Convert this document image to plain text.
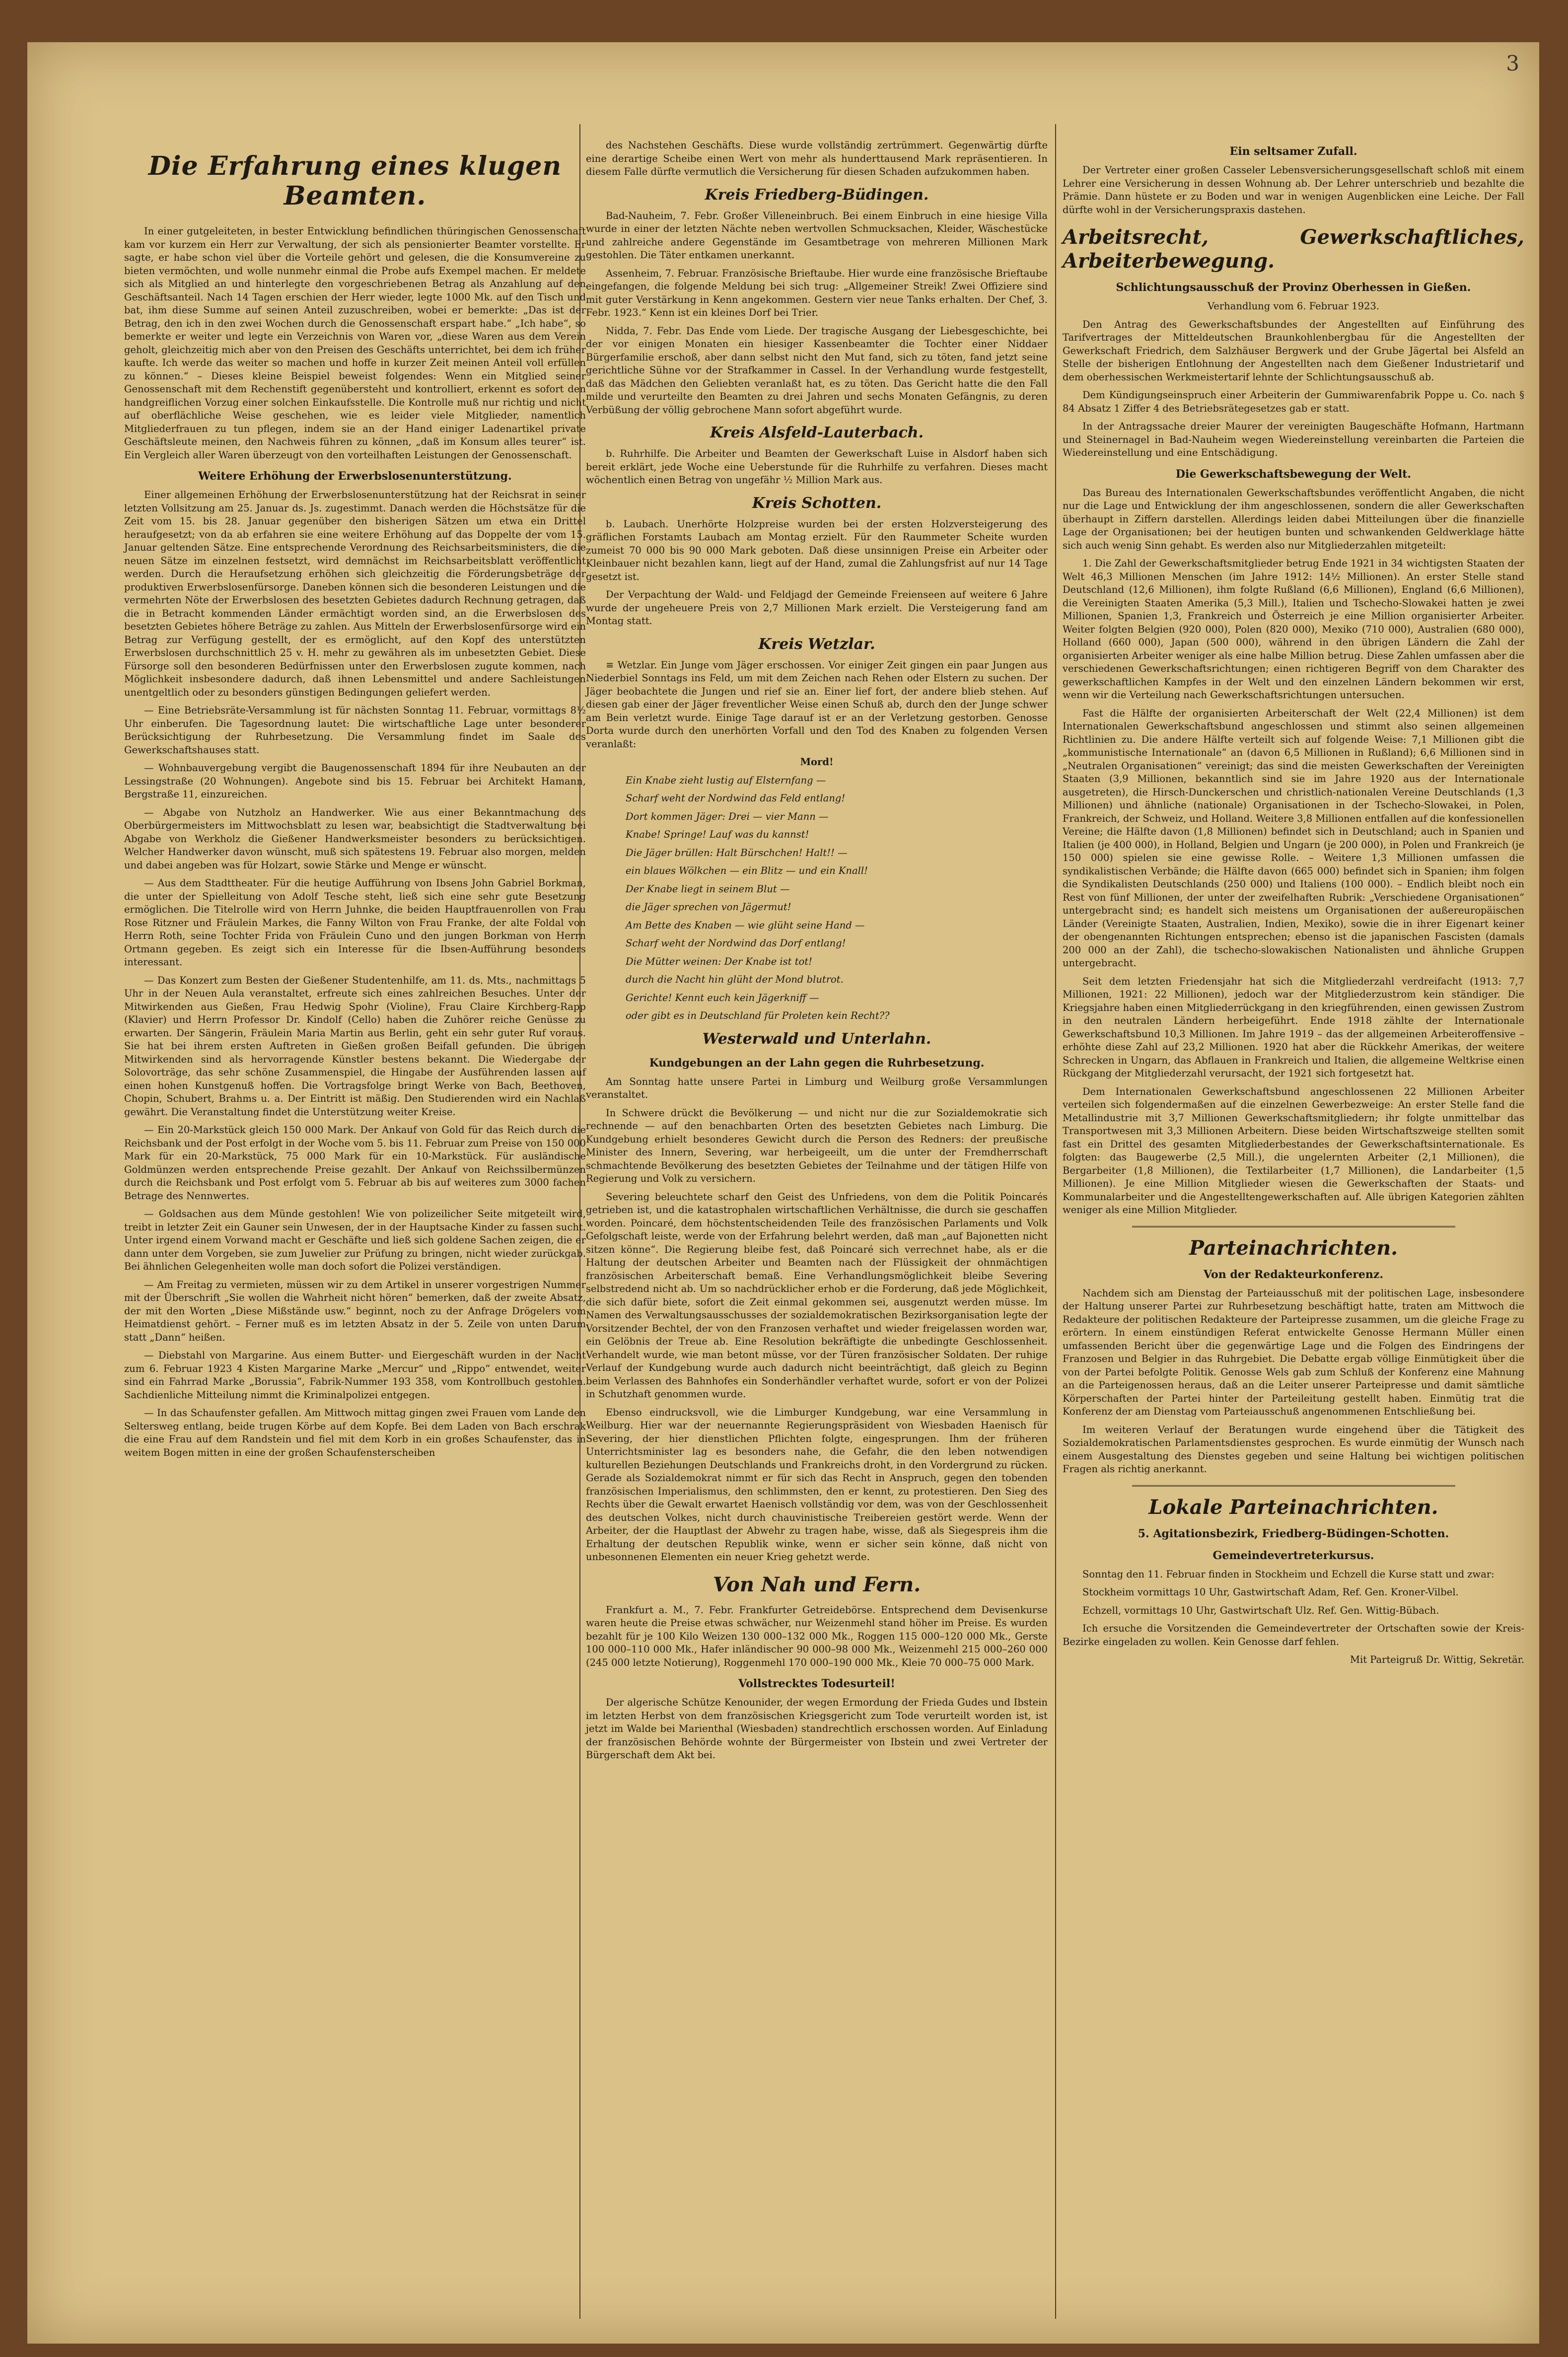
3
Die Erfahrung eines klugen Beamten.

In einer gutgeleiteten, in bester Entwicklung befindlichen thüringischen Genossenschaft kam vor kurzem ein Herr zur Verwaltung, der sich als pensionierter Beamter vorstellte. Er sagte, er habe schon viel über die Vorteile gehört und gelesen, die die Konsumvereine zu bieten vermöchten, und wolle nunmehr einmal die Probe aufs Exempel machen. Er meldete sich als Mitglied an und hinterlegte den vorgeschriebenen Betrag als Anzahlung auf den Geschäftsanteil. Nach 14 Tagen erschien der Herr wieder, legte 1000 Mk. auf den Tisch und bat, ihm diese Summe auf seinen Anteil zuzuschreiben, wobei er bemerkte: „Das ist der Betrag, den ich in den zwei Wochen durch die Genossenschaft erspart habe.“ „Ich habe“, so bemerkte er weiter und legte ein Verzeichnis von Waren vor, „diese Waren aus dem Verein geholt, gleichzeitig mich aber von den Preisen des Geschäfts unterrichtet, bei dem ich früher kaufte. Ich werde das weiter so machen und hoffe in kurzer Zeit meinen Anteil voll erfüllen zu können.“ – Dieses kleine Beispiel beweist folgendes: Wenn ein Mitglied seiner Genossenschaft mit dem Rechenstift gegenübersteht und kontrolliert, erkennt es sofort den handgreiflichen Vorzug einer solchen Einkaufsstelle. Die Kontrolle muß nur richtig und nicht auf oberflächliche Weise geschehen, wie es leider viele Mitglieder, namentlich Mitgliederfrauen zu tun pflegen, indem sie an der Hand einiger Ladenartikel private Geschäftsleute meinen, den Nachweis führen zu können, „daß im Konsum alles teurer“ ist. Ein Vergleich aller Waren überzeugt von den vorteilhaften Leistungen der Genossenschaft.

Weitere Erhöhung der Erwerbslosenunterstützung.

Einer allgemeinen Erhöhung der Erwerbslosenunterstützung hat der Reichsrat in seiner letzten Vollsitzung am 25. Januar ds. Js. zugestimmt. Danach werden die Höchstsätze für die Zeit vom 15. bis 28. Januar gegenüber den bisherigen Sätzen um etwa ein Drittel heraufgesetzt; von da ab erfahren sie eine weitere Erhöhung auf das Doppelte der vom 15. Januar geltenden Sätze. Eine entsprechende Verordnung des Reichsarbeitsministers, die die neuen Sätze im einzelnen festsetzt, wird demnächst im Reichsarbeitsblatt veröffentlicht werden. Durch die Heraufsetzung erhöhen sich gleichzeitig die Förderungsbeträge der produktiven Erwerbslosenfürsorge. Daneben können sich die besonderen Leistungen und die vermehrten Nöte der Erwerbslosen des besetzten Gebietes dadurch Rechnung getragen, daß die in Betracht kommenden Länder ermächtigt worden sind, an die Erwerbslosen des besetzten Gebietes höhere Beträge zu zahlen. Aus Mitteln der Erwerbslosenfürsorge wird ein Betrag zur Verfügung gestellt, der es ermöglicht, auf den Kopf des unterstützten Erwerbslosen durchschnittlich 25 v. H. mehr zu gewähren als im unbesetzten Gebiet. Diese Fürsorge soll den besonderen Bedürfnissen unter den Erwerbslosen zugute kommen, nach Möglichkeit insbesondere dadurch, daß ihnen Lebensmittel und andere Sachleistungen unentgeltlich oder zu besonders günstigen Bedingungen geliefert werden.

— Eine Betriebsräte-Versammlung ist für nächsten Sonntag 11. Februar, vormittags 8½ Uhr einberufen. Die Tagesordnung lautet: Die wirtschaftliche Lage unter besonderer Berücksichtigung der Ruhrbesetzung. Die Versammlung findet im Saale des Gewerkschaftshauses statt.

— Wohnbauvergebung vergibt die Baugenossenschaft 1894 für ihre Neubauten an der Lessingstraße (20 Wohnungen). Angebote sind bis 15. Februar bei Architekt Hamann, Bergstraße 11, einzureichen.

— Abgabe von Nutzholz an Handwerker. Wie aus einer Bekanntmachung des Oberbürgermeisters im Mittwochsblatt zu lesen war, beabsichtigt die Stadtverwaltung bei Abgabe von Werkholz die Gießener Handwerksmeister besonders zu berücksichtigen. Welcher Handwerker davon wünscht, muß sich spätestens 19. Februar also morgen, melden und dabei angeben was für Holzart, sowie Stärke und Menge er wünscht.

— Aus dem Stadttheater. Für die heutige Aufführung von Ibsens John Gabriel Borkman, die unter der Spielleitung von Adolf Tesche steht, ließ sich eine sehr gute Besetzung ermöglichen. Die Titelrolle wird von Herrn Juhnke, die beiden Hauptfrauenrollen von Frau Rose Ritzner und Fräulein Markes, die Fanny Wilton von Frau Franke, der alte Foldal von Herrn Roth, seine Tochter Frida von Fräulein Cuno und den jungen Borkman von Herrn Ortmann gegeben. Es zeigt sich ein Interesse für die Ibsen-Aufführung besonders interessant.

— Das Konzert zum Besten der Gießener Studentenhilfe, am 11. ds. Mts., nachmittags 5 Uhr in der Neuen Aula veranstaltet, erfreute sich eines zahlreichen Besuches. Unter der Mitwirkenden aus Gießen, Frau Hedwig Spohr (Violine), Frau Claire Kirchberg-Rapp (Klavier) und Herrn Professor Dr. Kindolf (Cello) haben die Zuhörer reiche Genüsse zu erwarten. Der Sängerin, Fräulein Maria Martin aus Berlin, geht ein sehr guter Ruf voraus. Sie hat bei ihrem ersten Auftreten in Gießen großen Beifall gefunden. Die übrigen Mitwirkenden sind als hervorragende Künstler bestens bekannt. Die Wiedergabe der Solovorträge, das sehr schöne Zusammenspiel, die Hingabe der Ausführenden lassen auf einen hohen Kunstgenuß hoffen. Die Vortragsfolge bringt Werke von Bach, Beethoven, Chopin, Schubert, Brahms u. a. Der Eintritt ist mäßig. Den Studierenden wird ein Nachlaß gewährt. Die Veranstaltung findet die Unterstützung weiter Kreise.

— Ein 20-Markstück gleich 150 000 Mark. Der Ankauf von Gold für das Reich durch die Reichsbank und der Post erfolgt in der Woche vom 5. bis 11. Februar zum Preise von 150 000 Mark für ein 20-Markstück, 75 000 Mark für ein 10-Markstück. Für ausländische Goldmünzen werden entsprechende Preise gezahlt. Der Ankauf von Reichssilbermünzen durch die Reichsbank und Post erfolgt vom 5. Februar ab bis auf weiteres zum 3000 fachen Betrage des Nennwertes.

— Goldsachen aus dem Münde gestohlen! Wie von polizeilicher Seite mitgeteilt wird, treibt in letzter Zeit ein Gauner sein Unwesen, der in der Hauptsache Kinder zu fassen sucht. Unter irgend einem Vorwand macht er Geschäfte und ließ sich goldene Sachen zeigen, die er dann unter dem Vorgeben, sie zum Juwelier zur Prüfung zu bringen, nicht wieder zurückgab. Bei ähnlichen Gelegenheiten wolle man doch sofort die Polizei verständigen.

— Am Freitag zu vermieten, müssen wir zu dem Artikel in unserer vorgestrigen Nummer mit der Überschrift „Sie wollen die Wahrheit nicht hören“ bemerken, daß der zweite Absatz, der mit den Worten „Diese Mißstände usw.“ beginnt, noch zu der Anfrage Drögelers vom Heimatdienst gehört. – Ferner muß es im letzten Absatz in der 5. Zeile von unten Darum statt „Dann“ heißen.

— Diebstahl von Margarine. Aus einem Butter- und Eiergeschäft wurden in der Nacht zum 6. Februar 1923 4 Kisten Margarine Marke „Mercur“ und „Rippo“ entwendet, weiter sind ein Fahrrad Marke „Borussia“, Fabrik-Nummer 193 358, vom Kontrollbuch gestohlen. Sachdienliche Mitteilung nimmt die Kriminalpolizei entgegen.

— In das Schaufenster gefallen. Am Mittwoch mittag gingen zwei Frauen vom Lande den Seltersweg entlang, beide trugen Körbe auf dem Kopfe. Bei dem Laden von Bach erschrak die eine Frau auf dem Randstein und fiel mit dem Korb in ein großes Schaufenster, das in weitem Bogen mitten in eine der großen Schaufensterscheiben

des Nachstehen Geschäfts. Diese wurde vollständig zertrümmert. Gegenwärtig dürfte eine derartige Scheibe einen Wert von mehr als hunderttausend Mark repräsentieren. In diesem Falle dürfte vermutlich die Versicherung für diesen Schaden aufzukommen haben.

Kreis Friedberg-Büdingen.

Bad-Nauheim, 7. Febr. Großer Villeneinbruch. Bei einem Einbruch in eine hiesige Villa wurde in einer der letzten Nächte neben wertvollen Schmucksachen, Kleider, Wäschestücke und zahlreiche andere Gegenstände im Gesamtbetrage von mehreren Millionen Mark gestohlen. Die Täter entkamen unerkannt.

Assenheim, 7. Februar. Französische Brieftaube. Hier wurde eine französische Brieftaube eingefangen, die folgende Meldung bei sich trug: „Allgemeiner Streik! Zwei Offiziere sind mit guter Verstärkung in Kenn angekommen. Gestern vier neue Tanks erhalten. Der Chef, 3. Febr. 1923.“ Kenn ist ein kleines Dorf bei Trier.

Nidda, 7. Febr. Das Ende vom Liede. Der tragische Ausgang der Liebesgeschichte, bei der vor einigen Monaten ein hiesiger Kassenbeamter die Tochter einer Niddaer Bürgerfamilie erschoß, aber dann selbst nicht den Mut fand, sich zu töten, fand jetzt seine gerichtliche Sühne vor der Strafkammer in Cassel. In der Verhandlung wurde festgestellt, daß das Mädchen den Geliebten veranlaßt hat, es zu töten. Das Gericht hatte die den Fall milde und verurteilte den Beamten zu drei Jahren und sechs Monaten Gefängnis, zu deren Verbüßung der völlig gebrochene Mann sofort abgeführt wurde.

Kreis Alsfeld-Lauterbach.

b. Ruhrhilfe. Die Arbeiter und Beamten der Gewerkschaft Luise in Alsdorf haben sich bereit erklärt, jede Woche eine Ueberstunde für die Ruhrhilfe zu verfahren. Dieses macht wöchentlich einen Betrag von ungefähr ½ Million Mark aus.

Kreis Schotten.

b. Laubach. Unerhörte Holzpreise wurden bei der ersten Holzversteigerung des gräflichen Forstamts Laubach am Montag erzielt. Für den Raummeter Scheite wurden zumeist 70 000 bis 90 000 Mark geboten. Daß diese unsinnigen Preise ein Arbeiter oder Kleinbauer nicht bezahlen kann, liegt auf der Hand, zumal die Zahlungsfrist auf nur 14 Tage gesetzt ist.

Der Verpachtung der Wald- und Feldjagd der Gemeinde Freienseen auf weitere 6 Jahre wurde der ungeheuere Preis von 2,7 Millionen Mark erzielt. Die Versteigerung fand am Montag statt.

Kreis Wetzlar.

≡ Wetzlar. Ein Junge vom Jäger erschossen. Vor einiger Zeit gingen ein paar Jungen aus Niederbiel Sonntags ins Feld, um mit dem Zeichen nach Rehen oder Elstern zu suchen. Der Jäger beobachtete die Jungen und rief sie an. Einer lief fort, der andere blieb stehen. Auf diesen gab einer der Jäger freventlicher Weise einen Schuß ab, durch den der Junge schwer am Bein verletzt wurde. Einige Tage darauf ist er an der Verletzung gestorben. Genosse Dorta wurde durch den unerhörten Vorfall und den Tod des Knaben zu folgenden Versen veranlaßt:

Mord!

Ein Knabe zieht lustig auf Elsternfang —

Scharf weht der Nordwind das Feld entlang!

Dort kommen Jäger: Drei — vier Mann —

Knabe! Springe! Lauf was du kannst!

Die Jäger brüllen: Halt Bürschchen! Halt!! —

ein blaues Wölkchen — ein Blitz — und ein Knall!

Der Knabe liegt in seinem Blut —

die Jäger sprechen von Jägermut!

Am Bette des Knaben — wie glüht seine Hand —

Scharf weht der Nordwind das Dorf entlang!

Die Mütter weinen: Der Knabe ist tot!

durch die Nacht hin glüht der Mond blutrot.

Gerichte! Kennt euch kein Jägerkniff —

oder gibt es in Deutschland für Proleten kein Recht??

Westerwald und Unterlahn.
Kundgebungen an der Lahn gegen die Ruhrbesetzung.

Am Sonntag hatte unsere Partei in Limburg und Weilburg große Versammlungen veranstaltet.

In Schwere drückt die Bevölkerung — und nicht nur die zur Sozialdemokratie sich rechnende — auf den benachbarten Orten des besetzten Gebietes nach Limburg. Die Kundgebung erhielt besonderes Gewicht durch die Person des Redners: der preußische Minister des Innern, Severing, war herbeigeeilt, um die unter der Fremdherrschaft schmachtende Bevölkerung des besetzten Gebietes der Teilnahme und der tätigen Hilfe von Regierung und Volk zu versichern.

Severing beleuchtete scharf den Geist des Unfriedens, von dem die Politik Poincarés getrieben ist, und die katastrophalen wirtschaftlichen Verhältnisse, die durch sie geschaffen worden. Poincaré, dem höchstentscheidenden Teile des französischen Parlaments und Volk Gefolgschaft leiste, werde von der Erfahrung belehrt werden, daß man „auf Bajonetten nicht sitzen könne“. Die Regierung bleibe fest, daß Poincaré sich verrechnet habe, als er die Haltung der deutschen Arbeiter und Beamten nach der Flüssigkeit der ohnmächtigen französischen Arbeiterschaft bemaß. Eine Verhandlungsmöglichkeit bleibe Severing selbstredend nicht ab. Um so nachdrücklicher erhob er die Forderung, daß jede Möglichkeit, die sich dafür biete, sofort die Zeit einmal gekommen sei, ausgenutzt werden müsse. Im Namen des Verwaltungsausschusses der sozialdemokratischen Bezirksorganisation legte der Vorsitzender Bechtel, der von den Franzosen verhaftet und wieder freigelassen worden war, ein Gelöbnis der Treue ab. Eine Resolution bekräftigte die unbedingte Geschlossenheit. Verhandelt wurde, wie man betont müsse, vor der Türen französischer Soldaten. Der ruhige Verlauf der Kundgebung wurde auch dadurch nicht beeinträchtigt, daß gleich zu Beginn beim Verlassen des Bahnhofes ein Sonderhändler verhaftet wurde, sofort er von der Polizei in Schutzhaft genommen wurde.

Ebenso eindrucksvoll, wie die Limburger Kundgebung, war eine Versammlung in Weilburg. Hier war der neuernannte Regierungspräsident von Wiesbaden Haenisch für Severing, der hier dienstlichen Pflichten folgte, eingesprungen. Ihm der früheren Unterrichtsminister lag es besonders nahe, die Gefahr, die den leben notwendigen kulturellen Beziehungen Deutschlands und Frankreichs droht, in den Vordergrund zu rücken. Gerade als Sozialdemokrat nimmt er für sich das Recht in Anspruch, gegen den tobenden französischen Imperialismus, den schlimmsten, den er kennt, zu protestieren. Den Sieg des Rechts über die Gewalt erwartet Haenisch vollständig vor dem, was von der Geschlossenheit des deutschen Volkes, nicht durch chauvinistische Treibereien gestört werde. Wenn der Arbeiter, der die Hauptlast der Abwehr zu tragen habe, wisse, daß als Siegespreis ihm die Erhaltung der deutschen Republik winke, wenn er sicher sein könne, daß nicht von unbesonnenen Elementen ein neuer Krieg gehetzt werde.

Von Nah und Fern.

Frankfurt a. M., 7. Febr. Frankfurter Getreidebörse. Entsprechend dem Devisenkurse waren heute die Preise etwas schwächer, nur Weizenmehl stand höher im Preise. Es wurden bezahlt für je 100 Kilo Weizen 130 000–132 000 Mk., Roggen 115 000–120 000 Mk., Gerste 100 000–110 000 Mk., Hafer inländischer 90 000–98 000 Mk., Weizenmehl 215 000–260 000 (245 000 letzte Notierung), Roggenmehl 170 000–190 000 Mk., Kleie 70 000–75 000 Mark.

Vollstrecktes Todesurteil!

Der algerische Schütze Kenounider, der wegen Ermordung der Frieda Gudes und Ibstein im letzten Herbst von dem französischen Kriegsgericht zum Tode verurteilt worden ist, ist jetzt im Walde bei Marienthal (Wiesbaden) standrechtlich erschossen worden. Auf Einladung der französischen Behörde wohnte der Bürgermeister von Ibstein und zwei Vertreter der Bürgerschaft dem Akt bei.

Ein seltsamer Zufall.

Der Vertreter einer großen Casseler Lebensversicherungsgesellschaft schloß mit einem Lehrer eine Versicherung in dessen Wohnung ab. Der Lehrer unterschrieb und bezahlte die Prämie. Dann hüstete er zu Boden und war in wenigen Augenblicken eine Leiche. Der Fall dürfte wohl in der Versicherungspraxis dastehen.

Arbeitsrecht, Gewerkschaftliches, Arbeiterbewegung.
Schlichtungsausschuß der Provinz Oberhessen in Gießen.

Verhandlung vom 6. Februar 1923.

Den Antrag des Gewerkschaftsbundes der Angestellten auf Einführung des Tarifvertrages der Mitteldeutschen Braunkohlenbergbau für die Angestellten der Gewerkschaft Friedrich, dem Salzhäuser Bergwerk und der Grube Jägertal bei Alsfeld an Stelle der bisherigen Entlohnung der Angestellten nach dem Gießener Industrietarif und dem oberhessischen Werkmeistertarif lehnte der Schlichtungsausschuß ab.

Dem Kündigungseinspruch einer Arbeiterin der Gummiwarenfabrik Poppe u. Co. nach § 84 Absatz 1 Ziffer 4 des Betriebsrätegesetzes gab er statt.

In der Antragssache dreier Maurer der vereinigten Baugeschäfte Hofmann, Hartmann und Steinernagel in Bad-Nauheim wegen Wiedereinstellung vereinbarten die Parteien die Wiedereinstellung und eine Entschädigung.

Die Gewerkschaftsbewegung der Welt.

Das Bureau des Internationalen Gewerkschaftsbundes veröffentlicht Angaben, die nicht nur die Lage und Entwicklung der ihm angeschlossenen, sondern die aller Gewerkschaften überhaupt in Ziffern darstellen. Allerdings leiden dabei Mitteilungen über die finanzielle Lage der Organisationen; bei der heutigen bunten und schwankenden Geldwerklage hätte sich auch wenig Sinn gehabt. Es werden also nur Mitgliederzahlen mitgeteilt:

1. Die Zahl der Gewerkschaftsmitglieder betrug Ende 1921 in 34 wichtigsten Staaten der Welt 46,3 Millionen Menschen (im Jahre 1912: 14½ Millionen). An erster Stelle stand Deutschland (12,6 Millionen), ihm folgte Rußland (6,6 Millionen), England (6,6 Millionen), die Vereinigten Staaten Amerika (5,3 Mill.), Italien und Tschecho-Slowakei hatten je zwei Millionen, Spanien 1,3, Frankreich und Österreich je eine Million organisierter Arbeiter. Weiter folgten Belgien (920 000), Polen (820 000), Mexiko (710 000), Australien (680 000), Holland (660 000), Japan (500 000), während in den übrigen Ländern die Zahl der organisierten Arbeiter weniger als eine halbe Million betrug. Diese Zahlen umfassen aber die verschiedenen Gewerkschaftsrichtungen; einen richtigeren Begriff von dem Charakter des gewerkschaftlichen Kampfes in der Welt und den einzelnen Ländern bekommen wir erst, wenn wir die Verteilung nach Gewerkschaftsrichtungen untersuchen.

Fast die Hälfte der organisierten Arbeiterschaft der Welt (22,4 Millionen) ist dem Internationalen Gewerkschaftsbund angeschlossen und stimmt also seinen allgemeinen Richtlinien zu. Die andere Hälfte verteilt sich auf folgende Weise: 7,1 Millionen gibt die „kommunistische Internationale“ an (davon 6,5 Millionen in Rußland); 6,6 Millionen sind in „Neutralen Organisationen“ vereinigt; das sind die meisten Gewerkschaften der Vereinigten Staaten (3,9 Millionen, bekanntlich sind sie im Jahre 1920 aus der Internationale ausgetreten), die Hirsch-Dunckerschen und christlich-nationalen Vereine Deutschlands (1,3 Millionen) und ähnliche (nationale) Organisationen in der Tschecho-Slowakei, in Polen, Frankreich, der Schweiz, und Holland. Weitere 3,8 Millionen entfallen auf die konfessionellen Vereine; die Hälfte davon (1,8 Millionen) befindet sich in Deutschland; auch in Spanien und Italien (je 400 000), in Holland, Belgien und Ungarn (je 200 000), in Polen und Frankreich (je 150 000) spielen sie eine gewisse Rolle. – Weitere 1,3 Millionen umfassen die syndikalistischen Verbände; die Hälfte davon (665 000) befindet sich in Spanien; ihm folgen die Syndikalisten Deutschlands (250 000) und Italiens (100 000). – Endlich bleibt noch ein Rest von fünf Millionen, der unter der zweifelhaften Rubrik: „Verschiedene Organisationen“ untergebracht sind; es handelt sich meistens um Organisationen der außereuropäischen Länder (Vereinigte Staaten, Australien, Indien, Mexiko), sowie die in ihrer Eigenart keiner der obengenannten Richtungen entsprechen; ebenso ist die japanischen Fascisten (damals 200 000 an der Zahl), die tschecho-slowakischen Nationalisten und ähnliche Gruppen untergebracht.

Seit dem letzten Friedensjahr hat sich die Mitgliederzahl verdreifacht (1913: 7,7 Millionen, 1921: 22 Millionen), jedoch war der Mitgliederzustrom kein ständiger. Die Kriegsjahre haben einen Mitgliederrückgang in den kriegführenden, einen gewissen Zustrom in den neutralen Ländern herbeigeführt. Ende 1918 zählte der Internationale Gewerkschaftsbund 10,3 Millionen. Im Jahre 1919 – das der allgemeinen Arbeiteroffensive – erhöhte diese Zahl auf 23,2 Millionen. 1920 hat aber die Rückkehr Amerikas, der weitere Schrecken in Ungarn, das Abflauen in Frankreich und Italien, die allgemeine Weltkrise einen Rückgang der Mitgliederzahl verursacht, der 1921 sich fortgesetzt hat.

Dem Internationalen Gewerkschaftsbund angeschlossenen 22 Millionen Arbeiter verteilen sich folgendermaßen auf die einzelnen Gewerbezweige: An erster Stelle fand die Metallindustrie mit 3,7 Millionen Gewerkschaftsmitgliedern; ihr folgte unmittelbar das Transportwesen mit 3,3 Millionen Arbeitern. Diese beiden Wirtschaftszweige stellten somit fast ein Drittel des gesamten Mitgliederbestandes der Gewerkschaftsinternationale. Es folgten: das Baugewerbe (2,5 Mill.), die ungelernten Arbeiter (2,1 Millionen), die Bergarbeiter (1,8 Millionen), die Textilarbeiter (1,7 Millionen), die Landarbeiter (1,5 Millionen). Je eine Million Mitglieder wiesen die Gewerkschaften der Staats- und Kommunalarbeiter und die Angestelltengewerkschaften auf. Alle übrigen Kategorien zählten weniger als eine Million Mitglieder.

Parteinachrichten.
Von der Redakteurkonferenz.

Nachdem sich am Dienstag der Parteiausschuß mit der politischen Lage, insbesondere der Haltung unserer Partei zur Ruhrbesetzung beschäftigt hatte, traten am Mittwoch die Redakteure der politischen Redakteure der Parteipresse zusammen, um die gleiche Frage zu erörtern. In einem einstündigen Referat entwickelte Genosse Hermann Müller einen umfassenden Bericht über die gegenwärtige Lage und die Folgen des Eindringens der Franzosen und Belgier in das Ruhrgebiet. Die Debatte ergab völlige Einmütigkeit über die von der Partei befolgte Politik. Genosse Wels gab zum Schluß der Konferenz eine Mahnung an die Parteigenossen heraus, daß an die Leiter unserer Parteipresse und damit sämtliche Körperschaften der Partei hinter der Parteileitung gestellt haben. Einmütig trat die Konferenz der am Dienstag vom Parteiausschuß angenommenen Entschließung bei.

Im weiteren Verlauf der Beratungen wurde eingehend über die Tätigkeit des Sozialdemokratischen Parlamentsdienstes gesprochen. Es wurde einmütig der Wunsch nach einem Ausgestaltung des Dienstes gegeben und seine Haltung bei wichtigen politischen Fragen als richtig anerkannt.

Lokale Parteinachrichten.
5. Agitationsbezirk, Friedberg-Büdingen-Schotten.
Gemeindevertreterkursus.

Sonntag den 11. Februar finden in Stockheim und Echzell die Kurse statt und zwar:

Stockheim vormittags 10 Uhr, Gastwirtschaft Adam, Ref. Gen. Kroner-Vilbel.

Echzell, vormittags 10 Uhr, Gastwirtschaft Ulz. Ref. Gen. Wittig-Bübach.

Ich ersuche die Vorsitzenden die Gemeindevertreter der Ortschaften sowie der Kreis-Bezirke eingeladen zu wollen. Kein Genosse darf fehlen.

Mit Parteigruß Dr. Wittig, Sekretär.
